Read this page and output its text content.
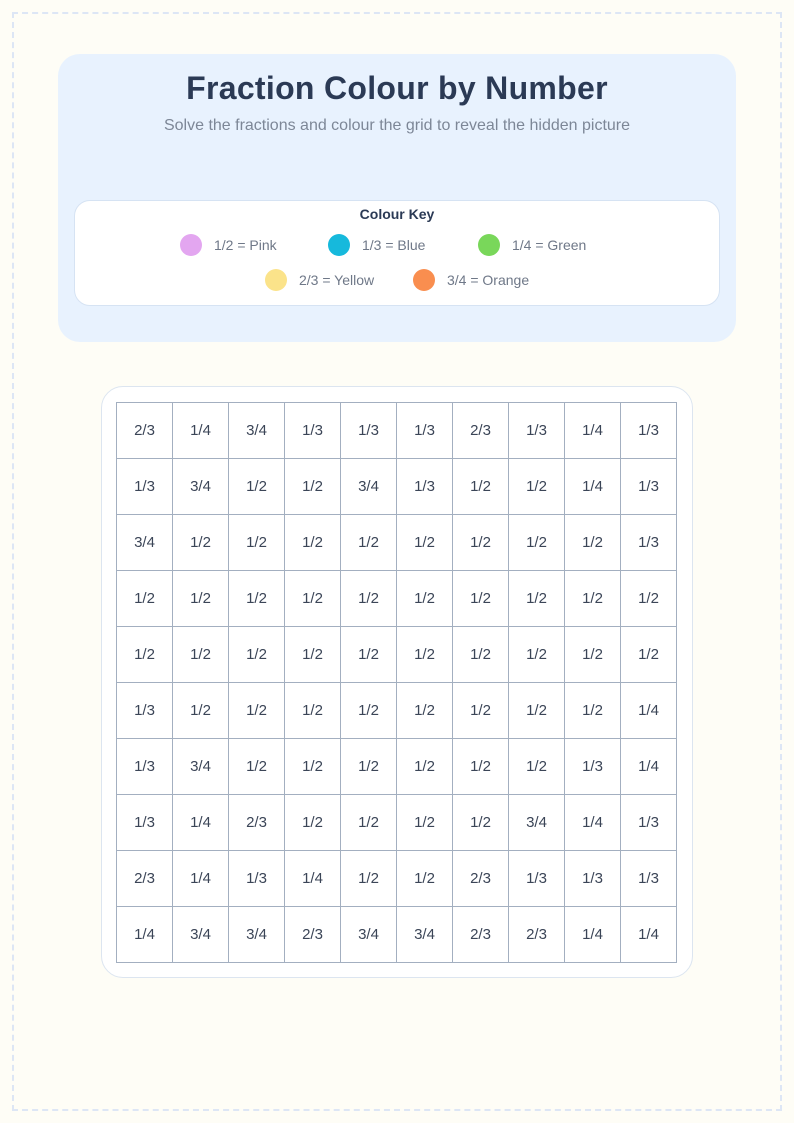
Fraction Colour by Number

Solve the fractions and colour the grid to reveal the hidden picture

Colour Key
1/2 = Pink	1/3 = Blue	1/4 = Green
2/3 = Yellow	3/4 = Orange
2/3	1/4	3/4	1/3	1/3	1/3	2/3	1/3	1/4	1/3
1/3	3/4	1/2	1/2	3/4	1/3	1/2	1/2	1/4	1/3
3/4	1/2	1/2	1/2	1/2	1/2	1/2	1/2	1/2	1/3
1/2	1/2	1/2	1/2	1/2	1/2	1/2	1/2	1/2	1/2
1/2	1/2	1/2	1/2	1/2	1/2	1/2	1/2	1/2	1/2
1/3	1/2	1/2	1/2	1/2	1/2	1/2	1/2	1/2	1/4
1/3	3/4	1/2	1/2	1/2	1/2	1/2	1/2	1/3	1/4
1/3	1/4	2/3	1/2	1/2	1/2	1/2	3/4	1/4	1/3
2/3	1/4	1/3	1/4	1/2	1/2	2/3	1/3	1/3	1/3
1/4	3/4	3/4	2/3	3/4	3/4	2/3	2/3	1/4	1/4
